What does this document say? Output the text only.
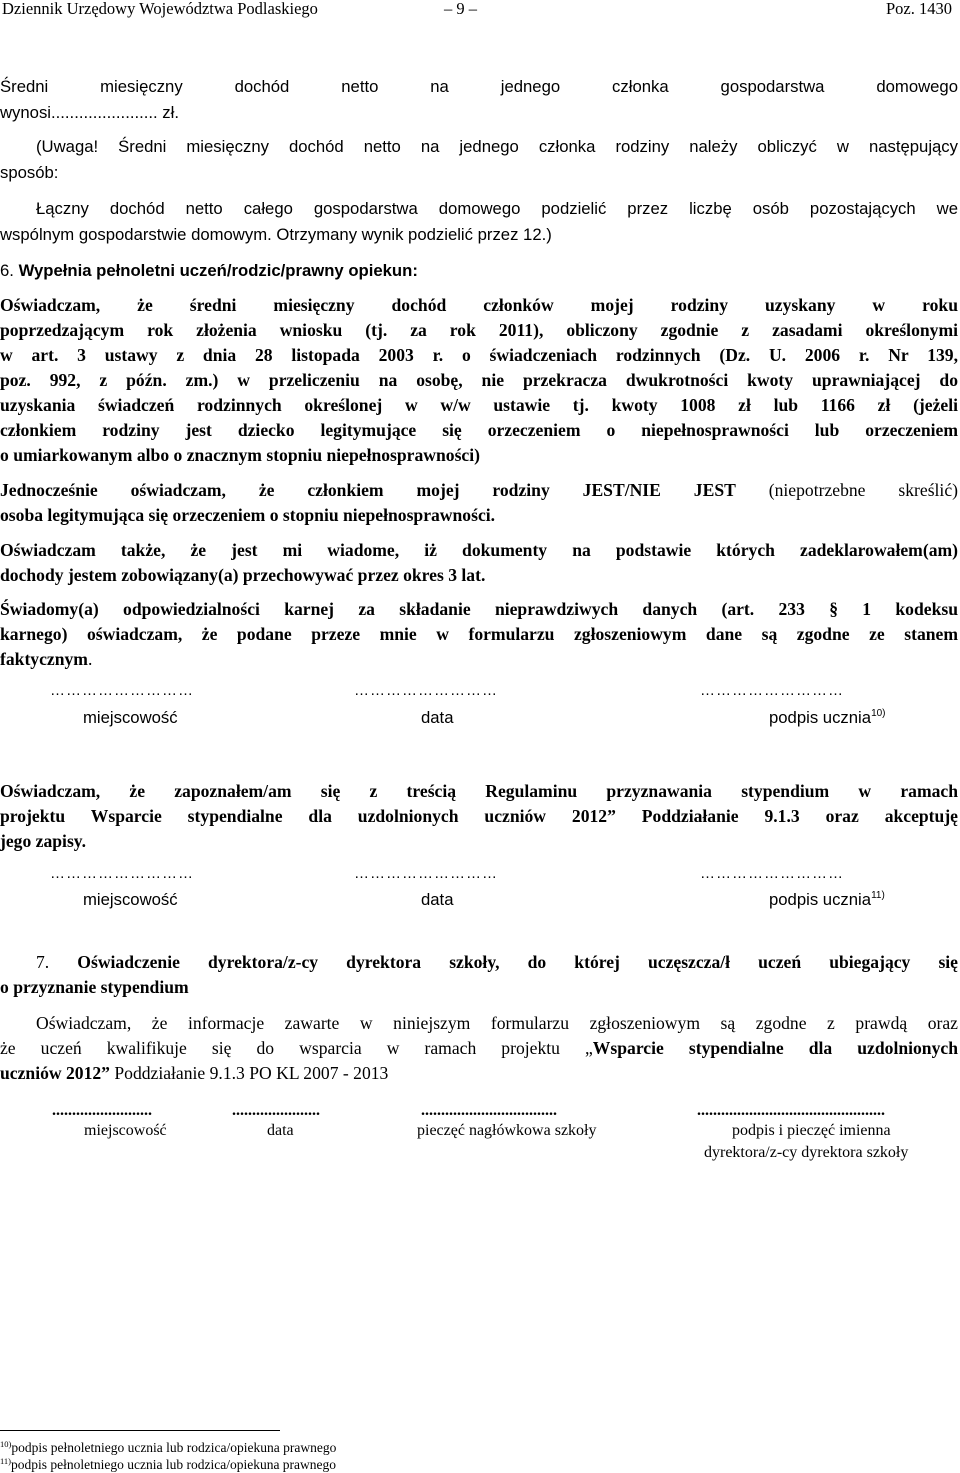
Dziennik Urzędowy Województwa Podlaskiego	– 9 –	Poz. 1430
Średni miesięczny dochód netto na jednego członka gospodarstwa domowego
wynosi....................... zł.
(Uwaga! Średni miesięczny dochód netto na jednego członka rodziny należy obliczyć w następujący
sposób:
Łączny dochód netto całego gospodarstwa domowego podzielić przez liczbę osób pozostających we
wspólnym gospodarstwie domowym. Otrzymany wynik podzielić przez 12.)
6. Wypełnia pełnoletni uczeń/rodzic/prawny opiekun:
Oświadczam, że średni miesięczny dochód członków mojej rodziny uzyskany w roku
poprzedzającym rok złożenia wniosku (tj. za rok 2011), obliczony zgodnie z zasadami określonymi
w art. 3 ustawy z dnia 28 listopada 2003 r. o świadczeniach rodzinnych (Dz. U. 2006 r. Nr 139,
poz. 992, z późn. zm.) w przeliczeniu na osobę, nie przekracza dwukrotności kwoty uprawniającej do
uzyskania świadczeń rodzinnych określonej w w/w ustawie tj. kwoty 1008 zł lub 1166 zł (jeżeli
członkiem rodziny jest dziecko legitymujące się orzeczeniem o niepełnosprawności lub orzeczeniem
o umiarkowanym albo o znacznym stopniu niepełnosprawności)
Jednocześnie oświadczam, że członkiem mojej rodziny JEST/NIE JEST (niepotrzebne skreślić)
osoba legitymująca się orzeczeniem o stopniu niepełnosprawności.
Oświadczam także, że jest mi wiadome, iż dokumenty na podstawie których zadeklarowałem(am)
dochody jestem zobowiązany(a) przechowywać przez okres 3 lat.
Świadomy(a) odpowiedzialności karnej za składanie nieprawdziwych danych (art. 233 § 1 kodeksu
karnego) oświadczam, że podane przeze mnie w formularzu zgłoszeniowym dane są zgodne ze stanem
faktycznym.
………………………	………………………	………………………
miejscowość	data	podpis ucznia$^{10)}$
Oświadczam, że zapoznałem/am się z treścią Regulaminu przyznawania stypendium w ramach
projektu Wsparcie stypendialne dla uzdolnionych uczniów 2012” Poddziałanie 9.1.3 oraz akceptuję
jego zapisy.
………………………	………………………	………………………
miejscowość	data	podpis ucznia$^{11)}$
7. Oświadczenie dyrektora/z-cy dyrektora szkoły, do której uczęszcza/ł uczeń ubiegający się
o przyznanie stypendium
Oświadczam, że informacje zawarte w niniejszym formularzu zgłoszeniowym są zgodne z prawdą oraz
że uczeń kwalifikuje się do wsparcia w ramach projektu „Wsparcie stypendialne dla uzdolnionych
uczniów 2012” Poddziałanie 9.1.3 PO KL 2007 - 2013
.........................	......................	..................................	...............................................
miejscowość	data	pieczęć nagłówkowa szkoły	podpis i pieczęć imienna
dyrektora/z-cy dyrektora szkoły
$^{10)}$podpis pełnoletniego ucznia lub rodzica/opiekuna prawnego
$^{11)}$podpis pełnoletniego ucznia lub rodzica/opiekuna prawnego
